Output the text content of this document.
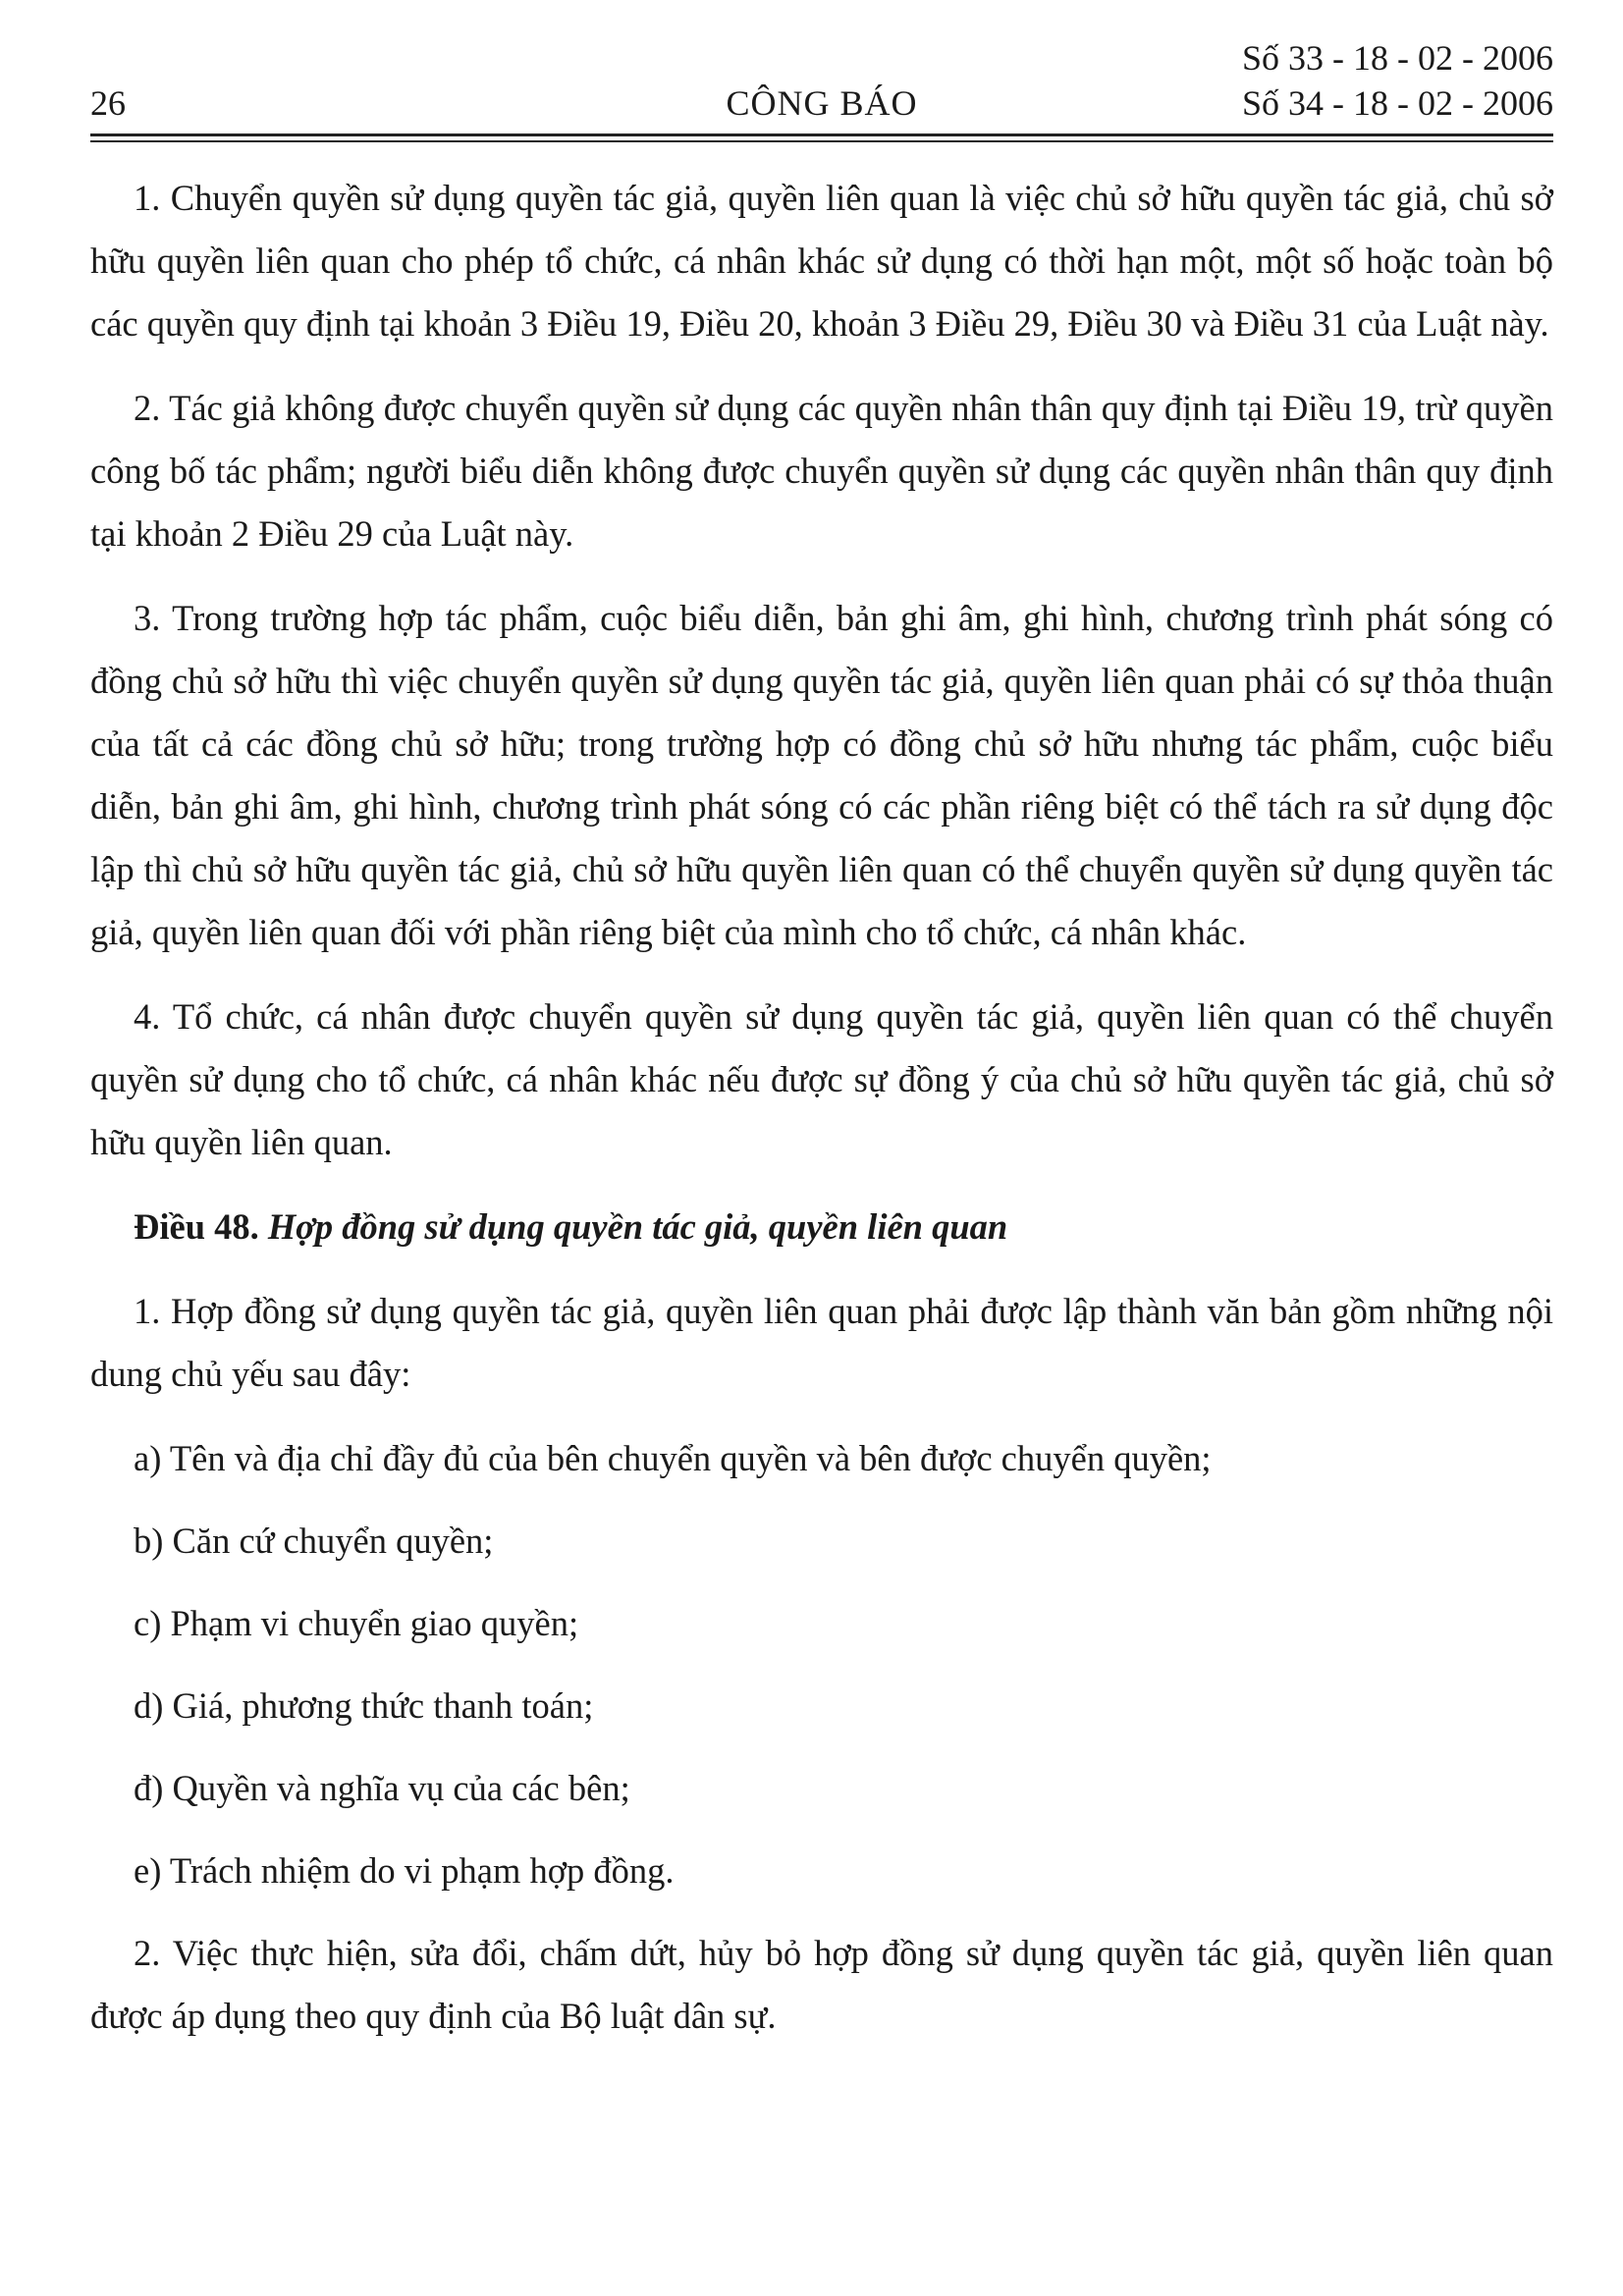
26	CÔNG BÁO
Số 33 - 18 - 02 - 2006
Số 34 - 18 - 02 - 2006

1. Chuyển quyền sử dụng quyền tác giả, quyền liên quan là việc chủ sở hữu quyền tác giả, chủ sở hữu quyền liên quan cho phép tổ chức, cá nhân khác sử dụng có thời hạn một, một số hoặc toàn bộ các quyền quy định tại khoản 3 Điều 19, Điều 20, khoản 3 Điều 29, Điều 30 và Điều 31 của Luật này.

2. Tác giả không được chuyển quyền sử dụng các quyền nhân thân quy định tại Điều 19, trừ quyền công bố tác phẩm; người biểu diễn không được chuyển quyền sử dụng các quyền nhân thân quy định tại khoản 2 Điều 29 của Luật này.

3. Trong trường hợp tác phẩm, cuộc biểu diễn, bản ghi âm, ghi hình, chương trình phát sóng có đồng chủ sở hữu thì việc chuyển quyền sử dụng quyền tác giả, quyền liên quan phải có sự thỏa thuận của tất cả các đồng chủ sở hữu; trong trường hợp có đồng chủ sở hữu nhưng tác phẩm, cuộc biểu diễn, bản ghi âm, ghi hình, chương trình phát sóng có các phần riêng biệt có thể tách ra sử dụng độc lập thì chủ sở hữu quyền tác giả, chủ sở hữu quyền liên quan có thể chuyển quyền sử dụng quyền tác giả, quyền liên quan đối với phần riêng biệt của mình cho tổ chức, cá nhân khác.

4. Tổ chức, cá nhân được chuyển quyền sử dụng quyền tác giả, quyền liên quan có thể chuyển quyền sử dụng cho tổ chức, cá nhân khác nếu được sự đồng ý của chủ sở hữu quyền tác giả, chủ sở hữu quyền liên quan.

Điều 48. Hợp đồng sử dụng quyền tác giả, quyền liên quan

1. Hợp đồng sử dụng quyền tác giả, quyền liên quan phải được lập thành văn bản gồm những nội dung chủ yếu sau đây:

a) Tên và địa chỉ đầy đủ của bên chuyển quyền và bên được chuyển quyền;

b) Căn cứ chuyển quyền;

c) Phạm vi chuyển giao quyền;

d) Giá, phương thức thanh toán;

đ) Quyền và nghĩa vụ của các bên;

e) Trách nhiệm do vi phạm hợp đồng.

2. Việc thực hiện, sửa đổi, chấm dứt, hủy bỏ hợp đồng sử dụng quyền tác giả, quyền liên quan được áp dụng theo quy định của Bộ luật dân sự.
